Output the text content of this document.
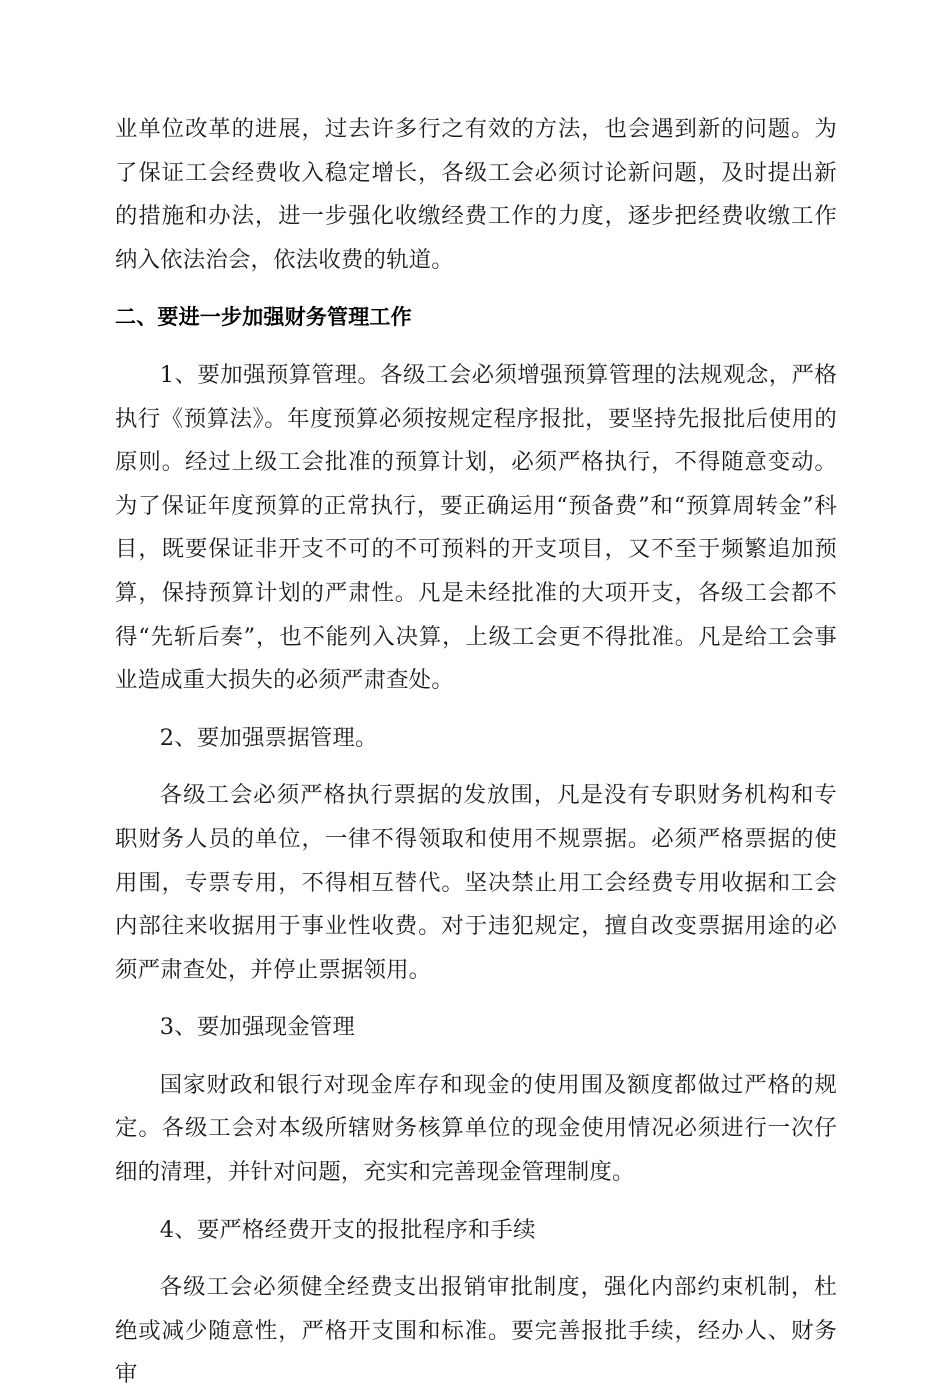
业单位改革的进展，过去许多行之有效的方法，也会遇到新的问题。为了保证工会经费收入稳定增长，各级工会必须讨论新问题，及时提出新的措施和办法，进一步强化收缴经费工作的力度，逐步把经费收缴工作纳入依法治会，依法收费的轨道。

二、要进一步加强财务管理工作

1、要加强预算管理。各级工会必须增强预算管理的法规观念，严格执行《预算法》。年度预算必须按规定程序报批，要坚持先报批后使用的原则。经过上级工会批准的预算计划，必须严格执行，不得随意变动。为了保证年度预算的正常执行，要正确运用“预备费”和“预算周转金”科目，既要保证非开支不可的不可预料的开支项目，又不至于频繁追加预算，保持预算计划的严肃性。凡是未经批准的大项开支，各级工会都不得“先斩后奏”，也不能列入决算，上级工会更不得批准。凡是给工会事业造成重大损失的必须严肃查处。

2、要加强票据管理。

各级工会必须严格执行票据的发放围，凡是没有专职财务机构和专职财务人员的单位，一律不得领取和使用不规票据。必须严格票据的使用围，专票专用，不得相互替代。坚决禁止用工会经费专用收据和工会内部往来收据用于事业性收费。对于违犯规定，擅自改变票据用途的必须严肃查处，并停止票据领用。

3、要加强现金管理

国家财政和银行对现金库存和现金的使用围及额度都做过严格的规定。各级工会对本级所辖财务核算单位的现金使用情况必须进行一次仔细的清理，并针对问题，充实和完善现金管理制度。

4、要严格经费开支的报批程序和手续

各级工会必须健全经费支出报销审批制度，强化内部约束机制，杜绝或减少随意性，严格开支围和标准。要完善报批手续，经办人、财务审
